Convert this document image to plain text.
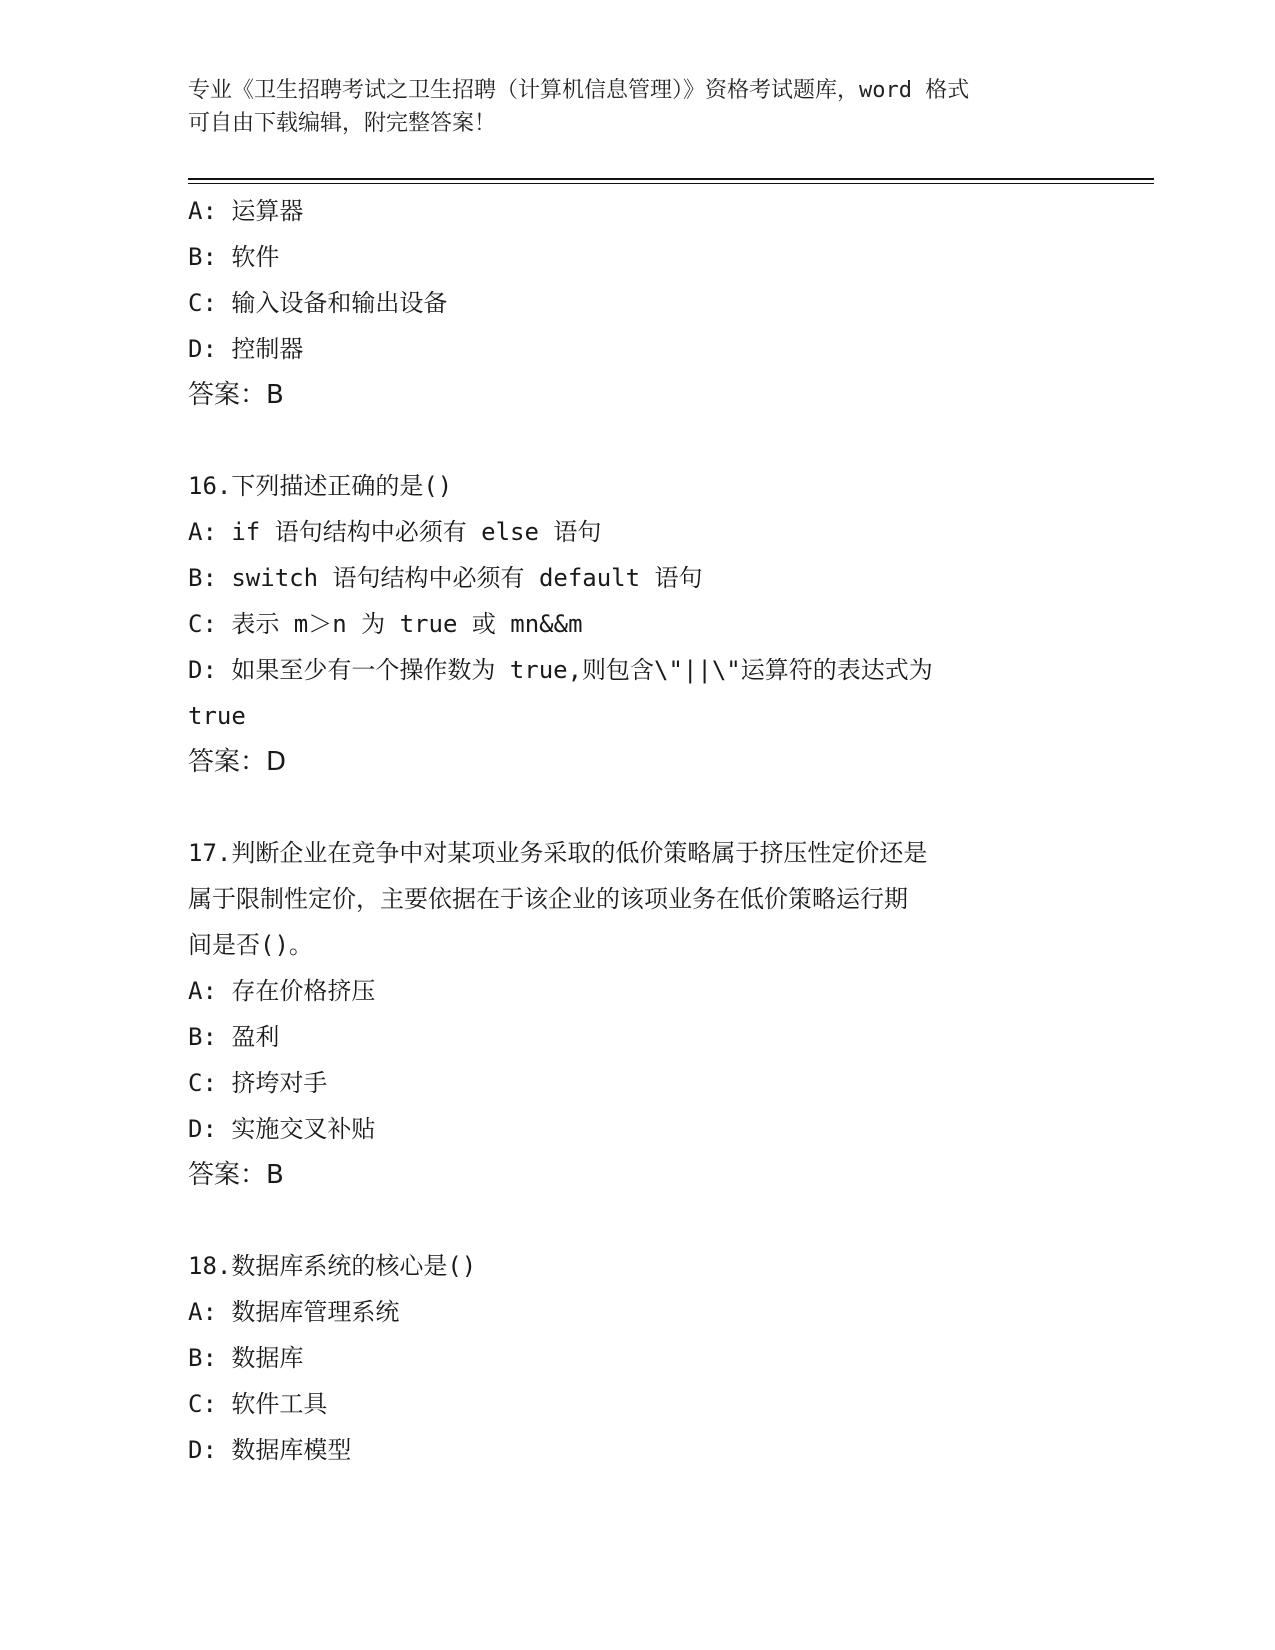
专业《卫生招聘考试之卫生招聘（计算机信息管理）》资格考试题库，word 格式
可自由下载编辑，附完整答案！
A: 运算器
B: 软件
C: 输入设备和输出设备
D: 控制器
答案：B
16.下列描述正确的是()
A: if 语句结构中必须有 else 语句
B: switch 语句结构中必须有 default 语句
C: 表示 m＞n 为 true 或 mn&&m
D: 如果至少有一个操作数为 true,则包含\"||\"运算符的表达式为
true
答案：D
17.判断企业在竞争中对某项业务采取的低价策略属于挤压性定价还是
属于限制性定价，主要依据在于该企业的该项业务在低价策略运行期
间是否()。
A: 存在价格挤压
B: 盈利
C: 挤垮对手
D: 实施交叉补贴
答案：B
18.数据库系统的核心是()
A: 数据库管理系统
B: 数据库
C: 软件工具
D: 数据库模型
